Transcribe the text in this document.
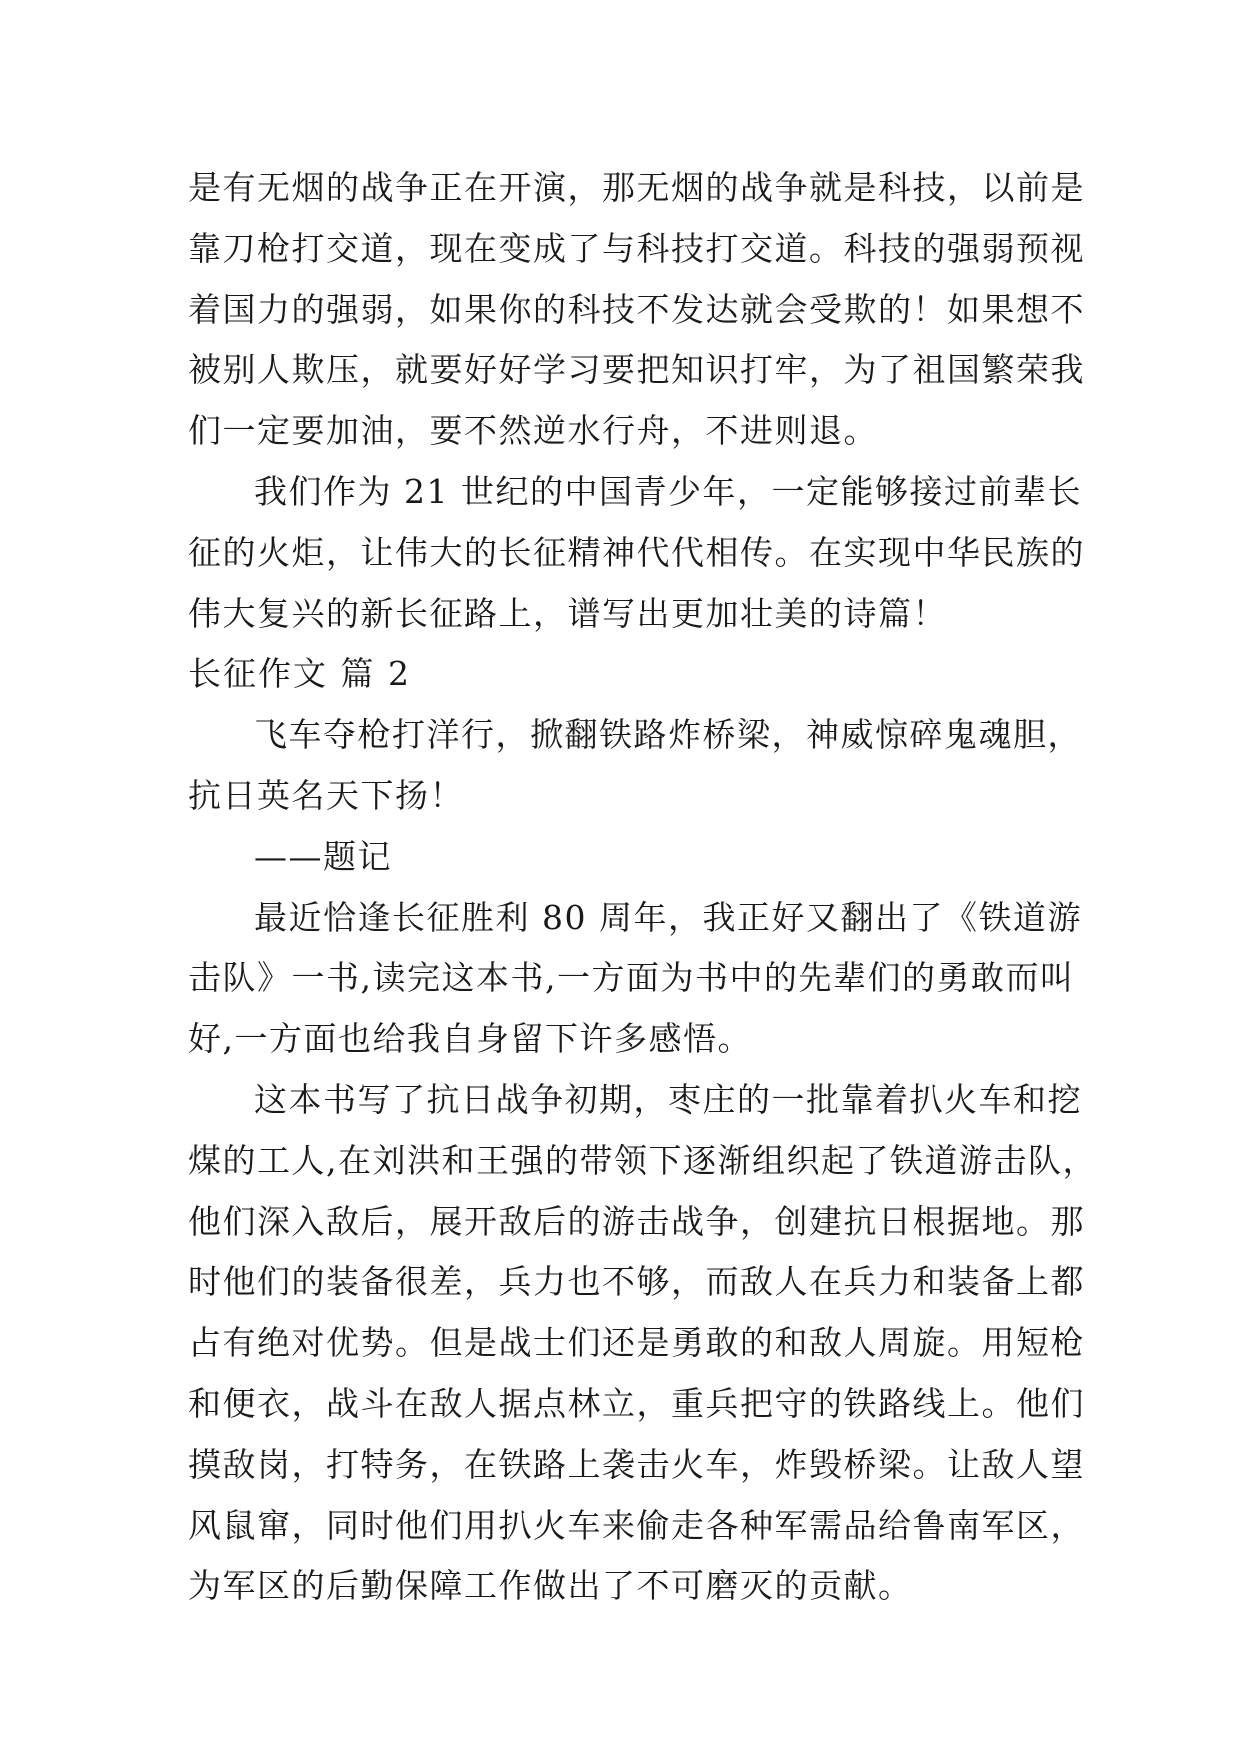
是有无烟的战争正在开演，那无烟的战争就是科技，以前是
靠刀枪打交道，现在变成了与科技打交道。科技的强弱预视
着国力的强弱，如果你的科技不发达就会受欺的！如果想不
被别人欺压，就要好好学习要把知识打牢，为了祖国繁荣我
们一定要加油，要不然逆水行舟，不进则退。
我们作为 21 世纪的中国青少年，一定能够接过前辈长
征的火炬，让伟大的长征精神代代相传。在实现中华民族的
伟大复兴的新长征路上，谱写出更加壮美的诗篇！
长征作文 篇 2
飞车夺枪打洋行，掀翻铁路炸桥梁，神威惊碎鬼魂胆，
抗日英名天下扬！
——题记
最近恰逢长征胜利 80 周年，我正好又翻出了《铁道游
击队》一书,读完这本书,一方面为书中的先辈们的勇敢而叫
好,一方面也给我自身留下许多感悟。
这本书写了抗日战争初期，枣庄的一批靠着扒火车和挖
煤的工人,在刘洪和王强的带领下逐渐组织起了铁道游击队，
他们深入敌后，展开敌后的游击战争，创建抗日根据地。那
时他们的装备很差，兵力也不够，而敌人在兵力和装备上都
占有绝对优势。但是战士们还是勇敢的和敌人周旋。用短枪
和便衣，战斗在敌人据点林立，重兵把守的铁路线上。他们
摸敌岗，打特务，在铁路上袭击火车，炸毁桥梁。让敌人望
风鼠窜，同时他们用扒火车来偷走各种军需品给鲁南军区，
为军区的后勤保障工作做出了不可磨灭的贡献。
